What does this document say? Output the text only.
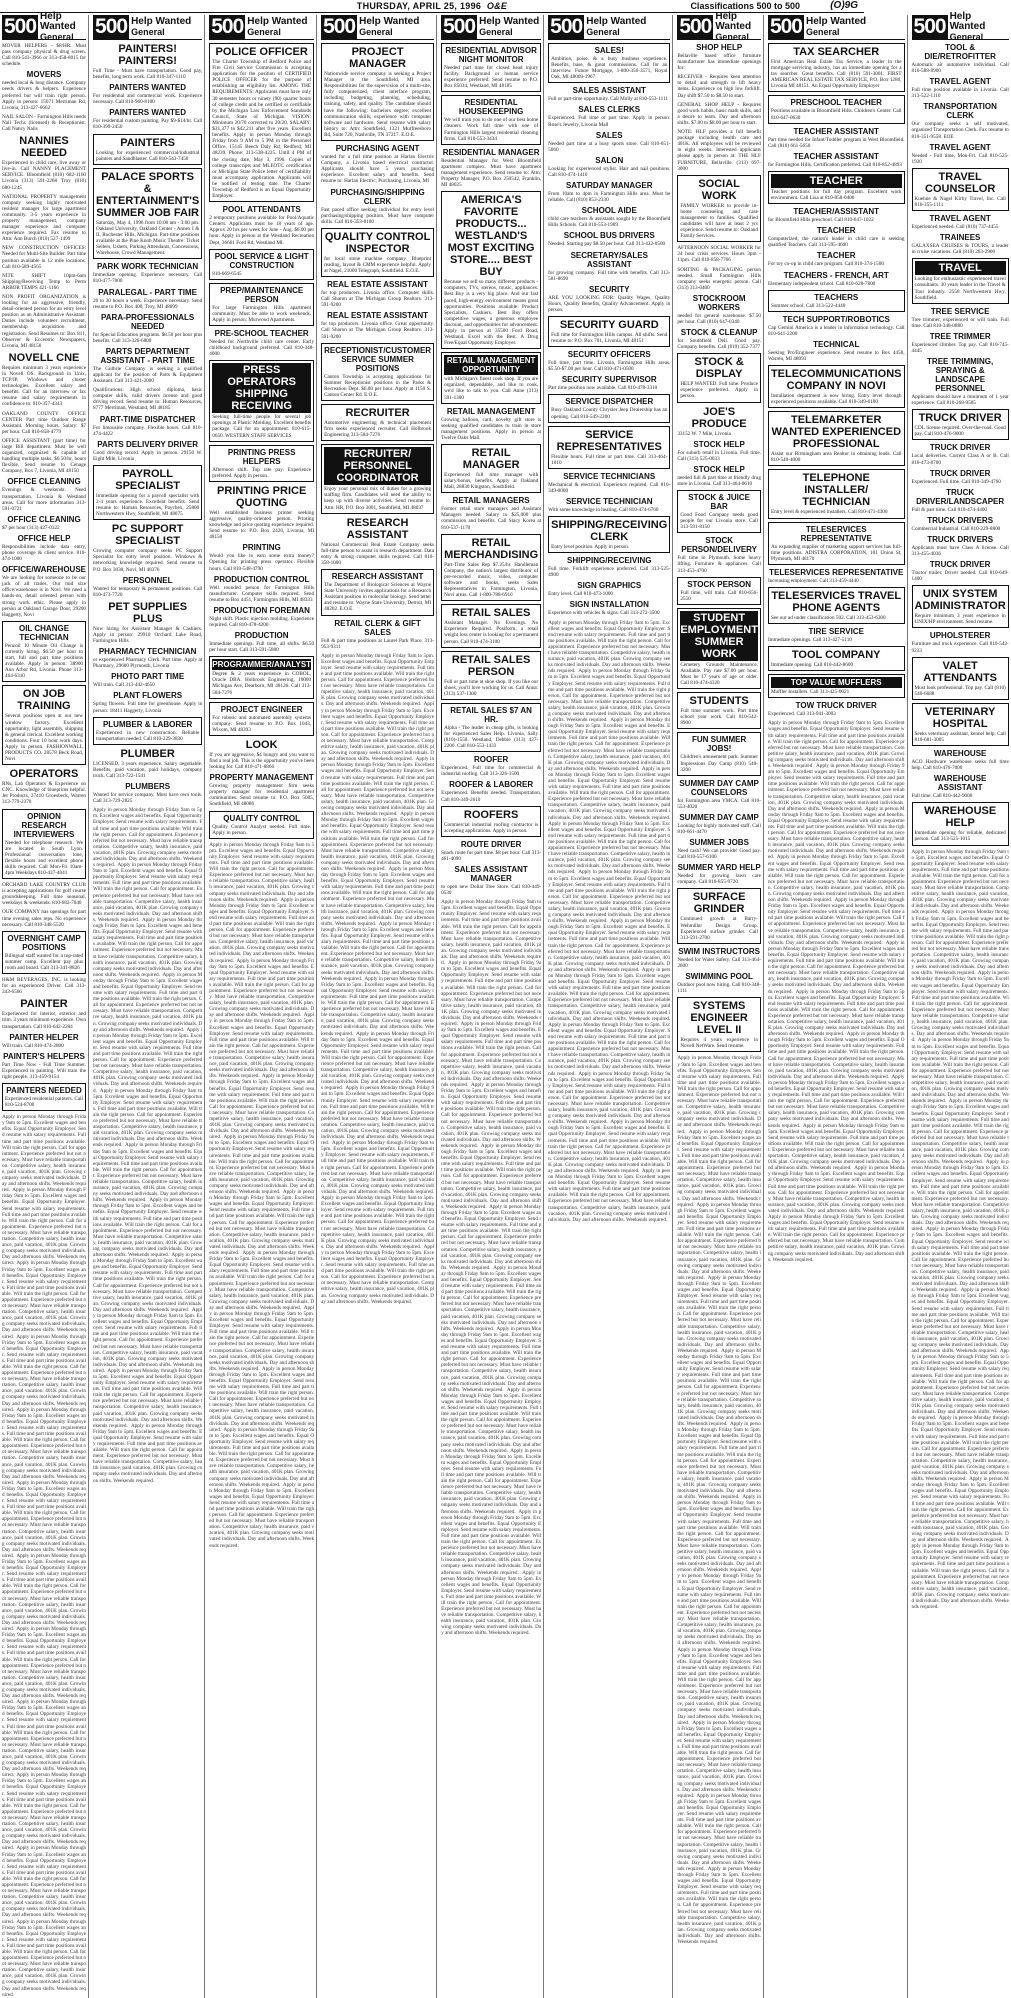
THURSDAY, APRIL 25, 1996 O&E	Classifications 500 to 500	(O)9G
500 Help Wanted
General
MOVER HELPERS - $8/HR. Must pass company physical & drug screen. Call 810-543-3966 or 313-458-8015 for schedule.
MOVERS
needed local & long distance. Company needs drivers & helpers. Experience preferred but will train right person. Apply in person: 15071 Merriman Rd, Livonia, 313-427-6662
NAIL SALON - Farmington Hills needs Nail Techs (licensed) & Receptionist. Call Nancy Nails
NANNIES NEEDED
Experienced in child care, live away or live-in. Call NANNY PLACEMENT SERVICE. Bloomfield (810) 682-1160 Livonia (313) 591-2268 Troy (810) 680-1245
NATIONAL PROPERTY management company seeking highly motivated resident manager for large apartment community. 3-5 years experience in property management, company manager experience and computer experience required. Fax resume to Attn: Ann Burch (810) 527-1499
NEW CONSTRUCTION OFFICES: Needed for Multi-Site Builder. Part time position available in 12 mile locations. Call 810-589-4565
NITE SHIFT 10pm-6am Shipping/Receiving Temp to Perm ARBOR TEMPS 421-1166
NON PROFIT ORGANIZATION is looking for an aggressive, friendly, detail-oriented person for an entry level position as an Administrative Assistant. Duties include volunteer recruitment, membership acquisition and registration. Send Resumes to: Box 811, Observer & Eccentric Newspapers, Livonia, MI 48150
NOVELL CNE
Requires minimum 3 years experience in Novell OS. Background in Unix, TCP/IP, Windows and cluster technologies. Excellent salary and benefits. Call for an interview or fax resume and salary requirements in confidence to: 810-357-4343
OAKLAND COUNTY OFFICE CENTER Part time Outdoor Range Assistant. Morning hours. Salary: $7 per hour. Call 810-858-4779
OFFICE ASSISTANT (part time) for large Bill department. Must be well organized, organized & capable of handling multiple tasks. $6.50/hr, hours flexible. Send resume to Cenage Company, Box 7, Livonia, MI 48150
OFFICE CLEANING
Evenings & weekends. Need transportation. Livonia & Westland areas. Call for more information 313-591-0721
OFFICE CLEANING
$7 per hour (313) 427-0322
OFFICE HELP
Responsibilities include data entry, phone coverage & client service. 810-474-1000
OFFICE/WAREHOUSE
We are looking for someone to be our jack of all trades. Our mid size office/warehouse is in Novi. We need a hands-on, detail oriented person with strong work ethic. Please apply in person at Oakland Garage Door, 29200 Haggerty, Novi
OIL CHANGE TECHNICIAN
Penzoil 10 Minute Oil Change is currently hiring. $6.50 per hour to start, full and part time positions available. Apply in person: 38900 Ann Arbor Rd, Livonia. Phone 313-464-6310
ON JOB TRAINING
Several positions open at our new window factory. Excellent opportunity, light assembly, shipping & general clerical. Excellent working conditions. Four 10 hour work days. Apply in person. FASHIONWALL PRODUCTS CO. 28578 Beck Road, Novi
OPERATORS
RNs, Lab Operators & Experience on CNC. Knowledge of blueprints helpful. Jet Products, 27410 Groesbeck, Warren 313-779-2370
OPINION RESEARCH INTERVIEWERS
Needed for telephone research. We are located in South Lyon. Professional conversation tone, flexible hours and excellent phone skills required. Call Mon-Fri 10am-4pm Weekdays 810-437-4041
ORCHARD LAKE COUNTRY CLUB is accepting applications for golf course groundskeeping. Full time seasonal, weekdays & weekends. 810-682-7040
OUR COMPANY has openings for part time evening sales reps. No experience necessary. Call 810-348-5520
OVERNIGHT CAMP POSITIONS
Bilingual staff wanted for a top-rated summer camp. Excellent pay plus room and board. Call 313-341-8826
H&M BEVERAGES, INC. is looking for an experienced Driver. Call 313-343-6566
PAINTER
Experienced for interior, exterior and trim. 3 years minimum experience. Own transportation. Call 810-642-2284
PAINTER HELPER
Will train. Call 810-474-2800
PAINTER'S HELPERS
Part Time Now - Full Time Summer. Experienced in painting. Will train the right people. 313-459-9154
PAINTERS NEEDED
Experienced residential painters. Call 810-524-8700
Apply in person Monday through Friday 9am to 5pm. Excellent wages and benefits. Equal Opportunity Employer. Send resume with salary requirements. Full time and part time positions available. Will train the right person. Call for appointment. Experience preferred but not necessary. Must have reliable transportation. Competitive salary, health insurance, paid vacation, 401K plan. Growing company seeks motivated individuals. Day and afternoon shifts. Weekends required.  Apply in person Monday through Friday 9am to 5pm. Excellent wages and benefits. Equal Opportunity Employer. Send resume with salary requirements. Full time and part time positions available. Will train the right person. Call for appointment. Experience preferred but not necessary. Must have reliable transportation. Competitive salary, health insurance, paid vacation, 401K plan. Growing company seeks motivated individuals. Day and afternoon shifts. Weekends required.  Apply in person Monday through Friday 9am to 5pm. Excellent wages and benefits. Equal Opportunity Employer. Send resume with salary requirements. Full time and part time positions available. Will train the right person. Call for appointment. Experience preferred but not necessary. Must have reliable transportation. Competitive salary, health insurance, paid vacation, 401K plan. Growing company seeks motivated individuals. Day and afternoon shifts. Weekends required.  Apply in person Monday through Friday 9am to 5pm. Excellent wages and benefits. Equal Opportunity Employer. Send resume with salary requirements. Full time and part time positions available. Will train the right person. Call for appointment. Experience preferred but not necessary. Must have reliable transportation. Competitive salary, health insurance, paid vacation, 401K plan. Growing company seeks motivated individuals. Day and afternoon shifts. Weekends required.  Apply in person Monday through Friday 9am to 5pm. Excellent wages and benefits. Equal Opportunity Employer. Send resume with salary requirements. Full time and part time positions available. Will train the right person. Call for appointment. Experience preferred but not necessary. Must have reliable transportation. Competitive salary, health insurance, paid vacation, 401K plan. Growing company seeks motivated individuals. Day and afternoon shifts. Weekends required.  Apply in person Monday through Friday 9am to 5pm. Excellent wages and benefits. Equal Opportunity Employer. Send resume with salary requirements. Full time and part time positions available. Will train the right person. Call for appointment. Experience preferred but not necessary. Must have reliable transportation. Competitive salary, health insurance, paid vacation, 401K plan. Growing company seeks motivated individuals. Day and afternoon shifts. Weekends required.  Apply in person Monday through Friday 9am to 5pm. Excellent wages and benefits. Equal Opportunity Employer. Send resume with salary requirements. Full time and part time positions available. Will train the right person. Call for appointment. Experience preferred but not necessary. Must have reliable transportation. Competitive salary, health insurance, paid vacation, 401K plan. Growing company seeks motivated individuals. Day and afternoon shifts. Weekends required.  Apply in person Monday through Friday 9am to 5pm. Excellent wages and benefits. Equal Opportunity Employer. Send resume with salary requirements. Full time and part time positions available. Will train the right person. Call for appointment. Experience preferred but not necessary. Must have reliable transportation. Competitive salary, health insurance, paid vacation, 401K plan. Growing company seeks motivated individuals. Day and afternoon shifts. Weekends required.  Apply in person Monday through Friday 9am to 5pm. Excellent wages and benefits. Equal Opportunity Employer. Send resume with salary requirements. Full time and part time positions available. Will train the right person. Call for appointment. Experience preferred but not necessary. Must have reliable transportation. Competitive salary, health insurance, paid vacation, 401K plan. Growing company seeks motivated individuals. Day and afternoon shifts. Weekends required.  Apply in person Monday through Friday 9am to 5pm. Excellent wages and benefits. Equal Opportunity Employer. Send resume with salary requirements. Full time and part time positions available. Will train the right person. Call for appointment. Experience preferred but not necessary. Must have reliable transportation. Competitive salary, health insurance, paid vacation, 401K plan. Growing company seeks motivated individuals. Day and afternoon shifts. Weekends required.  Apply in person Monday through Friday 9am to 5pm. Excellent wages and benefits. Equal Opportunity Employer. Send resume with salary requirements. Full time and part time positions available. Will train the right person. Call for appointment. Experience preferred but not necessary. Must have reliable transportation. Competitive salary, health insurance, paid vacation, 401K plan. Growing company seeks motivated individuals. Day and afternoon shifts. Weekends required.  Apply in person Monday through Friday 9am to 5pm. Excellent wages and benefits. Equal Opportunity Employer. Send resume with salary requirements. Full time and part time positions available. Will train the right person. Call for appointment. Experience preferred but not necessary. Must have reliable transportation. Competitive salary, health insurance, paid vacation, 401K plan. Growing company seeks motivated individuals. Day and afternoon shifts. Weekends required.
500 Help Wanted
General
PAINTERS! PAINTERS!
Full Time - Must have transportation. Good pay, benefits, long term work. Call 810-347-1110
PAINTERS WANTED
For residential and commercial work. Experience necessary. Call 810-960-8100
PAINTERS WANTED
For residential custom painting. Pay $9-$14/hr. Call 810-399-2450
PAINTERS
Looking for experienced commercial/industrial painters and Sandblaster. Call 810-543-7450
PALACE SPORTS & ENTERTAINMENT'S SUMMER JOB FAIR
Saturday, May 4, 1996 from 10:00 am - 3:00 pm. Oakland University, Oakland Center - Annex I & II, Rochester Hills, Michigan. Part-time positions available at the Pine Knob Music Theatre: Ticket Sellers, Ushers, Parking Attendants, Concessions, Warehouse, Crowd Management.
PARK WORK TECHNICIAN
Immediate opening. Experience necessary. Call 810-477-7000
PARALEGAL - PART TIME
20 to 30 hours a week. Experience necessary. Send resume to P.O. Box 400, Troy, MI 48099
PARA-PROFESSIONALS NEEDED
for Special Education programs. $8.50 per hour plus benefits. Call 313-326-6800
PARTS DEPARTMENT ASSISTANT - PART TIME
The Guthrie Company is seeking a qualified applicant for the position of Parts & Equipment Assistant. Call 313-421-2000
Qualifications: High school diploma, basic computer skills, valid drivers license and good driving record. Send resume to: Human Resources, 8777 Merriman, Westland, MI 48185
PART-TIME DISPATCHER
For limousine company. Flexible hours. Call 810-474-4422
PARTS DELIVERY DRIVER
Good driving record. Apply in person. 29150 W. Eight Mile, Livonia
PAYROLL SPECIALIST
Immediate opening for a payroll specialist with 2-4 years experience. Excellent benefits. Send resume to: Human Resources, Paychex, 25800 Northwestern Hwy, Southfield, MI 48075
PC SUPPORT SPECIALIST
Growing computer company seeks PC Support Specialist for entry level position. Windows & networking knowledge required. Send resume to P.O. Box 3030, Novi, MI 48376
PERSONNEL
Wanted for temporary & permanent positions. Call 810-473-7720
PET SUPPLIES PLUS
Now hiring for Assistant Manager & Cashiers. Apply in person: 29910 Orchard Lake Road, Farmington Hills
PHARMACY TECHNICIAN
or experienced Pharmacy Clerk. Part time. Apply at Pharmacy, 29600 Plymouth, Livonia
PHOTO PART TIME
Will train. Call 313-442-4650
PLANT FLOWERS
Spring flowers. Full time for greenhouse. Apply in person: 18411 Haggerty, Livonia
PLUMBER & LABORER
Experienced in new construction. Reliable transportation needed. Call 810-229-3830
PLUMBER
LICENSED. 3 years experience. Salary negotiable. Benefits, paid vacation, paid holidays, company truck. Call 313-722-1541
PLUMBERS
Wanted for service company. Must have own tools. Call 313-729-2825
Apply in person Monday through Friday 9am to 5pm. Excellent wages and benefits. Equal Opportunity Employer. Send resume with salary requirements. Full time and part time positions available. Will train the right person. Call for appointment. Experience preferred but not necessary. Must have reliable transportation. Competitive salary, health insurance, paid vacation, 401K plan. Growing company seeks motivated individuals. Day and afternoon shifts. Weekends required.  Apply in person Monday through Friday 9am to 5pm. Excellent wages and benefits. Equal Opportunity Employer. Send resume with salary requirements. Full time and part time positions available. Will train the right person. Call for appointment. Experience preferred but not necessary. Must have reliable transportation. Competitive salary, health insurance, paid vacation, 401K plan. Growing company seeks motivated individuals. Day and afternoon shifts. Weekends required.  Apply in person Monday through Friday 9am to 5pm. Excellent wages and benefits. Equal Opportunity Employer. Send resume with salary requirements. Full time and part time positions available. Will train the right person. Call for appointment. Experience preferred but not necessary. Must have reliable transportation. Competitive salary, health insurance, paid vacation, 401K plan. Growing company seeks motivated individuals. Day and afternoon shifts. Weekends required.  Apply in person Monday through Friday 9am to 5pm. Excellent wages and benefits. Equal Opportunity Employer. Send resume with salary requirements. Full time and part time positions available. Will train the right person. Call for appointment. Experience preferred but not necessary. Must have reliable transportation. Competitive salary, health insurance, paid vacation, 401K plan. Growing company seeks motivated individuals. Day and afternoon shifts. Weekends required.  Apply in person Monday through Friday 9am to 5pm. Excellent wages and benefits. Equal Opportunity Employer. Send resume with salary requirements. Full time and part time positions available. Will train the right person. Call for appointment. Experience preferred but not necessary. Must have reliable transportation. Competitive salary, health insurance, paid vacation, 401K plan. Growing company seeks motivated individuals. Day and afternoon shifts. Weekends required.  Apply in person Monday through Friday 9am to 5pm. Excellent wages and benefits. Equal Opportunity Employer. Send resume with salary requirements. Full time and part time positions available. Will train the right person. Call for appointment. Experience preferred but not necessary. Must have reliable transportation. Competitive salary, health insurance, paid vacation, 401K plan. Growing company seeks motivated individuals. Day and afternoon shifts. Weekends required.  Apply in person Monday through Friday 9am to 5pm. Excellent wages and benefits. Equal Opportunity Employer. Send resume with salary requirements. Full time and part time positions available. Will train the right person. Call for appointment. Experience preferred but not necessary. Must have reliable transportation. Competitive salary, health insurance, paid vacation, 401K plan. Growing company seeks motivated individuals. Day and afternoon shifts. Weekends required.  Apply in person Monday through Friday 9am to 5pm. Excellent wages and benefits. Equal Opportunity Employer. Send resume with salary requirements. Full time and part time positions available. Will train the right person. Call for appointment. Experience preferred but not necessary. Must have reliable transportation. Competitive salary, health insurance, paid vacation, 401K plan. Growing company seeks motivated individuals. Day and afternoon shifts. Weekends required.  Apply in person Monday through Friday 9am to 5pm. Excellent wages and benefits. Equal Opportunity Employer. Send resume with salary requirements. Full time and part time positions available. Will train the right person. Call for appointment. Experience preferred but not necessary. Must have reliable transportation. Competitive salary, health insurance, paid vacation, 401K plan. Growing company seeks motivated individuals. Day and afternoon shifts. Weekends required.  Apply in person Monday through Friday 9am to 5pm. Excellent wages and benefits. Equal Opportunity Employer. Send resume with salary requirements. Full time and part time positions available. Will train the right person. Call for appointment. Experience preferred but not necessary. Must have reliable transportation. Competitive salary, health insurance, paid vacation, 401K plan. Growing company seeks motivated individuals. Day and afternoon shifts. Weekends required.  Apply in person Monday through Friday 9am to 5pm. Excellent wages and benefits. Equal Opportunity Employer. Send resume with salary requirements. Full time and part time positions available. Will train the right person. Call for appointment. Experience preferred but not necessary. Must have reliable transportation. Competitive salary, health insurance, paid vacation, 401K plan. Growing company seeks motivated individuals. Day and afternoon shifts. Weekends required.  Apply in person Monday through Friday 9am to 5pm. Excellent wages and benefits. Equal Opportunity Employer. Send resume with salary requirements. Full time and part time positions available. Will train the right person. Call for appointment. Experience preferred but not necessary. Must have reliable transportation. Competitive salary, health insurance, paid vacation, 401K plan. Growing company seeks motivated individuals. Day and afternoon shifts. Weekends required.
500 Help Wanted
General
POLICE OFFICER
The Charter Township of Redford Police and Fire Civil Service Commission is accepting applications for the position of CERTIFIED POLICE OFFICER for the purpose of establishing an eligibility list. AMONG THE REQUIREMENTS: Applicants must have only 30 semester hours or ninety (90) quarter hours of college credit and be certified or certifiable by the Michigan Law Enforcement Standards Council, State of Michigan. VISION: Minimum 20/70 corrected to 20/20. SALARY: $31,377 to $42,211 after five years. Excellent benefits. Apply in person Monday through Friday from 9 AM to 5 PM in the Personnel Office, 15145 Beech Daly Rd, Redford, MI 48239. Phone: 313-538-4225. Until 4 PM of the closing date, May 3, 1996. Copies of college transcripts and MLEOTC certification or Michigan State Police letter of certifiability must accompany application. Applicants will be notified of testing date. The Charter Township of Redford is an Equal Opportunity Employer.
POOL ATTENDANTS
2 temporary positions available for Pool/Aquatic Centers. Applicants must be 18 years of age. Approx 20 hrs per week for June - Aug. $6.00 per hour. Apply in person at the Westland Recreation Dept, 36601 Ford Rd, Westland MI.
POOL SERVICE & LIGHT CONSTRUCTION
810-669-6545
PREP/MAINTENANCE PERSON
For large Farmington Hills apartment community. Must be able to work weekends. Apply in person: Murwood Apartments.
PRE-SCHOOL TEACHER
Needed for Northville child care center. Early childhood background preferred. Call 810-348-4000
PRESS OPERATORS SHIPPING RECEIVING
Seeking full-time people for several job openings at Plastic Molding. Excellent benefits package. Call for an appointment. 810-615-0650. WESTERN STAFF SERVICES
PRINTING PRESS HELPERS
Afternoon shift. Top rate pay. Experience preferred. Apply in person.
PRINTING PRICE QUOTING
Well established business printer seeking aggressive, quality-oriented person. Printing knowledge and price quoting experience required. Send resume to: P.O. Box 2420, Livonia, MI 48150
PRINTING
Would you like to earn some extra money? Opening for printing press operator. Flexible hours. Call 810-548-4790
PRODUCTION CONTROL
Well rounded person for Farmington Hills manufacturer. Computer skills required. Send resume to Box 4451, Farmington Hills, MI 48333
PRODUCTION FOREMAN
Night shift. Plastic injection molding. Experience required. Call 810-478-4200
PRODUCTION
Immediate openings. Full time, all shifts. $6.50 per hour start. Call 313-591-5800
PROGRAMMER/ANALYST
Degree & 2 years experience in COBOL, Oracle DBA. Holbrook Engineering, 10000 Michigan Ave, Dearborn, MI 48126. Call 313-584-7276
PROJECT ENGINEER
For robotic and automated assembly systems company. Send resume to P.O. Box 1043, Wixom, MI 48393
LOOK
If you are aggressive, $4 hungry and you want to find a real job. This is the opportunity you've been looking for. Call 810-471-8866
PROPERTY MANAGEMENT
Growing property management firm seeks property manager for residential apartment communities. Send resume to: P.O. Box 5005, Southfield, MI 48086
QUALITY CONTROL
Quality Control Analyst needed. Full time. Apply in person.
Apply in person Monday through Friday 9am to 5pm. Excellent wages and benefits. Equal Opportunity Employer. Send resume with salary requirements. Full time and part time positions available. Will train the right person. Call for appointment. Experience preferred but not necessary. Must have reliable transportation. Competitive salary, health insurance, paid vacation, 401K plan. Growing company seeks motivated individuals. Day and afternoon shifts. Weekends required.  Apply in person Monday through Friday 9am to 5pm. Excellent wages and benefits. Equal Opportunity Employer. Send resume with salary requirements. Full time and part time positions available. Will train the right person. Call for appointment. Experience preferred but not necessary. Must have reliable transportation. Competitive salary, health insurance, paid vacation, 401K plan. Growing company seeks motivated individuals. Day and afternoon shifts. Weekends required.  Apply in person Monday through Friday 9am to 5pm. Excellent wages and benefits. Equal Opportunity Employer. Send resume with salary requirements. Full time and part time positions available. Will train the right person. Call for appointment. Experience preferred but not necessary. Must have reliable transportation. Competitive salary, health insurance, paid vacation, 401K plan. Growing company seeks motivated individuals. Day and afternoon shifts. Weekends required.  Apply in person Monday through Friday 9am to 5pm. Excellent wages and benefits. Equal Opportunity Employer. Send resume with salary requirements. Full time and part time positions available. Will train the right person. Call for appointment. Experience preferred but not necessary. Must have reliable transportation. Competitive salary, health insurance, paid vacation, 401K plan. Growing company seeks motivated individuals. Day and afternoon shifts. Weekends required.  Apply in person Monday through Friday 9am to 5pm. Excellent wages and benefits. Equal Opportunity Employer. Send resume with salary requirements. Full time and part time positions available. Will train the right person. Call for appointment. Experience preferred but not necessary. Must have reliable transportation. Competitive salary, health insurance, paid vacation, 401K plan. Growing company seeks motivated individuals. Day and afternoon shifts. Weekends required.  Apply in person Monday through Friday 9am to 5pm. Excellent wages and benefits. Equal Opportunity Employer. Send resume with salary requirements. Full time and part time positions available. Will train the right person. Call for appointment. Experience preferred but not necessary. Must have reliable transportation. Competitive salary, health insurance, paid vacation, 401K plan. Growing company seeks motivated individuals. Day and afternoon shifts. Weekends required.  Apply in person Monday through Friday 9am to 5pm. Excellent wages and benefits. Equal Opportunity Employer. Send resume with salary requirements. Full time and part time positions available. Will train the right person. Call for appointment. Experience preferred but not necessary. Must have reliable transportation. Competitive salary, health insurance, paid vacation, 401K plan. Growing company seeks motivated individuals. Day and afternoon shifts. Weekends required.  Apply in person Monday through Friday 9am to 5pm. Excellent wages and benefits. Equal Opportunity Employer. Send resume with salary requirements. Full time and part time positions available. Will train the right person. Call for appointment. Experience preferred but not necessary. Must have reliable transportation. Competitive salary, health insurance, paid vacation, 401K plan. Growing company seeks motivated individuals. Day and afternoon shifts. Weekends required.  Apply in person Monday through Friday 9am to 5pm. Excellent wages and benefits. Equal Opportunity Employer. Send resume with salary requirements. Full time and part time positions available. Will train the right person. Call for appointment. Experience preferred but not necessary. Must have reliable transportation. Competitive salary, health insurance, paid vacation, 401K plan. Growing company seeks motivated individuals. Day and afternoon shifts. Weekends required.  Apply in person Monday through Friday 9am to 5pm. Excellent wages and benefits. Equal Opportunity Employer. Send resume with salary requirements. Full time and part time positions available. Will train the right person. Call for appointment. Experience preferred but not necessary. Must have reliable transportation. Competitive salary, health insurance, paid vacation, 401K plan. Growing company seeks motivated individuals. Day and afternoon shifts. Weekends required.  Apply in person Monday through Friday 9am to 5pm. Excellent wages and benefits. Equal Opportunity Employer. Send resume with salary requirements. Full time and part time positions available. Will train the right person. Call for appointment. Experience preferred but not necessary. Must have reliable transportation. Competitive salary, health insurance, paid vacation, 401K plan. Growing company seeks motivated individuals. Day and afternoon shifts. Weekends required.  Apply in person Monday through Friday 9am to 5pm. Excellent wages and benefits. Equal Opportunity Employer. Send resume with salary requirements. Full time and part time positions available. Will train the right person. Call for appointment. Experience preferred but not necessary. Must have reliable transportation. Competitive salary, health insurance, paid vacation, 401K plan. Growing company seeks motivated individuals. Day and afternoon shifts. Weekends required.
500 Help Wanted
General
PROJECT MANAGER
Nationwide service company is seeking a Project Manager in the Southfield, MI area. Responsibilities for the supervision of a multi-site, fully computerized, client interface program, including budgeting, planning, scheduling, training, safety, and quality. The candidate should have the following: bachelors degree; excellent communication skills; experience with computer software and hardware. Send resume with salary history to: Attn: Southfield, 1321 Murfreesboro Rd, Suite 720, Nashville, TN 37217. E.O.E.
PURCHASING AGENT
wanted for a full time position at Harlan Electric Company, a Livonia based electrical contractor. Applicants should have 5 years purchasing experience. Excellent salary and benefits. Send resume to: Harlan Electric, Purchasing, Livonia, MI
PURCHASING/SHIPPING CLERK
Fast paced office seeking individual for entry level purchasing/shipping position. Must have computer skills. Call 810-353-8100
QUALITY CONTROL INSPECTOR
for local stone machine company. Blueprint reading, layout & CMM experience helpful. Apply at Nagel, 21000 Telegraph, Southfield. E.O.E.
REAL ESTATE ASSISTANT
for top producers. Livonia office. Computer skills. Call Sharon at The Michigan Group Realtors. 313-591-9200
REAL ESTATE ASSISTANT
for top producers. Livonia office. Great opportunity. Call Sharon at The Michigan Group Realtors. 313-591-9200
RECEPTIONIST/CUSTOMER SERVICE SUMMER POSITIONS
Canton Township is accepting applications for Summer Receptionist positions in the Parks & Recreation Dept. $6.00 per hour. Apply at 1150 S. Canton Center Rd. E.O.E.
RECRUITER
Automotive engineering & technical placement firm seeks experienced recruiter. Call Holbrook Engineering 313-584-7276
RECRUITER/ PERSONNEL COORDINATOR
Enjoy your personal mix of duties for a growing staffing firm. Candidates will need the ability to keep up with diverse activities. Send resume to: Attn: HR, P.O. Box 3001, Southfield, MI 48037
RESEARCH ASSISTANT
National Commercial Real Estate Company seeks full-time person to assist in research department. Data entry & strong computer skills required. Call 810-358-1000
RESEARCH ASSISTANT
The Department of Biological Sciences at Wayne State University invites applications for a Research Assistant position in molecular biology. Send letter and resume to: Wayne State University, Detroit, MI 48202. E.O.E.
RETAIL CLERK & GIFT SALES
Full & part time positions at Laurel Park Place. 313-953-9311
Apply in person Monday through Friday 9am to 5pm. Excellent wages and benefits. Equal Opportunity Employer. Send resume with salary requirements. Full time and part time positions available. Will train the right person. Call for appointment. Experience preferred but not necessary. Must have reliable transportation. Competitive salary, health insurance, paid vacation, 401K plan. Growing company seeks motivated individuals. Day and afternoon shifts. Weekends required.  Apply in person Monday through Friday 9am to 5pm. Excellent wages and benefits. Equal Opportunity Employer. Send resume with salary requirements. Full time and part time positions available. Will train the right person. Call for appointment. Experience preferred but not necessary. Must have reliable transportation. Competitive salary, health insurance, paid vacation, 401K plan. Growing company seeks motivated individuals. Day and afternoon shifts. Weekends required.  Apply in person Monday through Friday 9am to 5pm. Excellent wages and benefits. Equal Opportunity Employer. Send resume with salary requirements. Full time and part time positions available. Will train the right person. Call for appointment. Experience preferred but not necessary. Must have reliable transportation. Competitive salary, health insurance, paid vacation, 401K plan. Growing company seeks motivated individuals. Day and afternoon shifts. Weekends required.  Apply in person Monday through Friday 9am to 5pm. Excellent wages and benefits. Equal Opportunity Employer. Send resume with salary requirements. Full time and part time positions available. Will train the right person. Call for appointment. Experience preferred but not necessary. Must have reliable transportation. Competitive salary, health insurance, paid vacation, 401K plan. Growing company seeks motivated individuals. Day and afternoon shifts. Weekends required.  Apply in person Monday through Friday 9am to 5pm. Excellent wages and benefits. Equal Opportunity Employer. Send resume with salary requirements. Full time and part time positions available. Will train the right person. Call for appointment. Experience preferred but not necessary. Must have reliable transportation. Competitive salary, health insurance, paid vacation, 401K plan. Growing company seeks motivated individuals. Day and afternoon shifts. Weekends required.  Apply in person Monday through Friday 9am to 5pm. Excellent wages and benefits. Equal Opportunity Employer. Send resume with salary requirements. Full time and part time positions available. Will train the right person. Call for appointment. Experience preferred but not necessary. Must have reliable transportation. Competitive salary, health insurance, paid vacation, 401K plan. Growing company seeks motivated individuals. Day and afternoon shifts. Weekends required.  Apply in person Monday through Friday 9am to 5pm. Excellent wages and benefits. Equal Opportunity Employer. Send resume with salary requirements. Full time and part time positions available. Will train the right person. Call for appointment. Experience preferred but not necessary. Must have reliable transportation. Competitive salary, health insurance, paid vacation, 401K plan. Growing company seeks motivated individuals. Day and afternoon shifts. Weekends required.  Apply in person Monday through Friday 9am to 5pm. Excellent wages and benefits. Equal Opportunity Employer. Send resume with salary requirements. Full time and part time positions available. Will train the right person. Call for appointment. Experience preferred but not necessary. Must have reliable transportation. Competitive salary, health insurance, paid vacation, 401K plan. Growing company seeks motivated individuals. Day and afternoon shifts. Weekends required.  Apply in person Monday through Friday 9am to 5pm. Excellent wages and benefits. Equal Opportunity Employer. Send resume with salary requirements. Full time and part time positions available. Will train the right person. Call for appointment. Experience preferred but not necessary. Must have reliable transportation. Competitive salary, health insurance, paid vacation, 401K plan. Growing company seeks motivated individuals. Day and afternoon shifts. Weekends required.  Apply in person Monday through Friday 9am to 5pm. Excellent wages and benefits. Equal Opportunity Employer. Send resume with salary requirements. Full time and part time positions available. Will train the right person. Call for appointment. Experience preferred but not necessary. Must have reliable transportation. Competitive salary, health insurance, paid vacation, 401K plan. Growing company seeks motivated individuals. Day and afternoon shifts. Weekends required.  Apply in person Monday through Friday 9am to 5pm. Excellent wages and benefits. Equal Opportunity Employer. Send resume with salary requirements. Full time and part time positions available. Will train the right person. Call for appointment. Experience preferred but not necessary. Must have reliable transportation. Competitive salary, health insurance, paid vacation, 401K plan. Growing company seeks motivated individuals. Day and afternoon shifts. Weekends required.  Apply in person Monday through Friday 9am to 5pm. Excellent wages and benefits. Equal Opportunity Employer. Send resume with salary requirements. Full time and part time positions available. Will train the right person. Call for appointment. Experience preferred but not necessary. Must have reliable transportation. Competitive salary, health insurance, paid vacation, 401K plan. Growing company seeks motivated individuals. Day and afternoon shifts. Weekends required.
500 Help Wanted
General
RESIDENTIAL ADVISOR NIGHT MONITOR
Needed part time for closed head injury facility. Background or human service experience preferred. Send resume to P.O. Box 85034, Westland, MI 48185
RESIDENTIAL HOUSEKEEPING
We will train you to do one of our best home cleaners. Work full time with one of Farmington Hills largest residential cleaning firms. Call 810-553-3434
RESIDENTIAL MANAGER
Residential Manager for West Bloomfield apartment complex. Must have apartment management experience. Send resume to: Attn: Property Manager, P.O. Box 250542, Franklin, MI 48025
AMERICA'S FAVORITE PRODUCTS... WESTLAND'S MOST EXCITING STORE.... BEST BUY
Because we sell so many different products - computers, TVs, stereos, music, appliances. Best Buy is a very big place. And our fast paced, high-energy environment means great opportunities. Positions available: Product Specialists, Cashiers. Best Buy offers competitive wages, a generous employee discount, and opportunities for advancement. Apply in person at 35500 Ford Road, Westland. Excel with the Best. A Drug Free/Equal Opportunity Employer.
RETAIL MANAGEMENT OPPORTUNITY
with Michigan's finest cook shop. If you are organized, dependable, and like to cook, we'd like to talk to you. Call Anne (313) 591-1300
RETAIL MANAGEMENT
Growing balloon, card, novelty gift store is seeking qualified candidates to train in store management positions. Apply in person at Twelve Oaks Mall.
RETAIL MANAGER
Experienced full time manager with salary/bonus, benefits. Apply at Oakland Mall, 28830 Kingston, Southfield.
RETAIL MANAGERS
Former retail store managers and Assistant Managers needed. Salary to $25,000 plus commission and benefits. Call Stacy Korea at 810-537-1170
RETAIL MERCHANDISING
Part-Time Sales Rep $7.25/hr. Handleman Company, the nation's largest distributor of pre-recorded music, video, computer software and books, seeks Sales Representatives in Farmington, Livonia, Novi areas. Call 1-800-788-6910
RETAIL SALES
Assistant Manager. No Evenings. No Experience Required. Posiform, a retail weight loss center is looking for a permanent person. Call 810-474-3100
RETAIL SALES PERSON
Full or part time at shoe shop. If you like our shoes, you'll love working for us. Call Anna: (313) 537-1300
RETAIL SALES $7 AN HR.
Alpha - The leader in cheap gifts, is looking for experienced Sales Help. Livonia, Sally (810)-1550. Westland, Debbie (313) 427-2200. Call 810-553-1433
ROOFER
Experienced. Full time for commercial & industrial roofing. Call 313-326-1500
ROOFER & LABORER
Experienced. Benefits needed. Transportation. Call 810-349-2610
ROOFERS
Commercial industrial roofing contractor is accepting applications. Apply in person.
ROUTE DRIVER
Snack route for part time. $8 per hour. Call 313-461-4090
SALES ASSISTANT MANAGER
to open new Dollar Tree Store. Call 810-449-0530
Apply in person Monday through Friday 9am to 5pm. Excellent wages and benefits. Equal Opportunity Employer. Send resume with salary requirements. Full time and part time positions available. Will train the right person. Call for appointment. Experience preferred but not necessary. Must have reliable transportation. Competitive salary, health insurance, paid vacation, 401K plan. Growing company seeks motivated individuals. Day and afternoon shifts. Weekends required.  Apply in person Monday through Friday 9am to 5pm. Excellent wages and benefits. Equal Opportunity Employer. Send resume with salary requirements. Full time and part time positions available. Will train the right person. Call for appointment. Experience preferred but not necessary. Must have reliable transportation. Competitive salary, health insurance, paid vacation, 401K plan. Growing company seeks motivated individuals. Day and afternoon shifts. Weekends required.  Apply in person Monday through Friday 9am to 5pm. Excellent wages and benefits. Equal Opportunity Employer. Send resume with salary requirements. Full time and part time positions available. Will train the right person. Call for appointment. Experience preferred but not necessary. Must have reliable transportation. Competitive salary, health insurance, paid vacation, 401K plan. Growing company seeks motivated individuals. Day and afternoon shifts. Weekends required.  Apply in person Monday through Friday 9am to 5pm. Excellent wages and benefits. Equal Opportunity Employer. Send resume with salary requirements. Full time and part time positions available. Will train the right person. Call for appointment. Experience preferred but not necessary. Must have reliable transportation. Competitive salary, health insurance, paid vacation, 401K plan. Growing company seeks motivated individuals. Day and afternoon shifts. Weekends required.  Apply in person Monday through Friday 9am to 5pm. Excellent wages and benefits. Equal Opportunity Employer. Send resume with salary requirements. Full time and part time positions available. Will train the right person. Call for appointment. Experience preferred but not necessary. Must have reliable transportation. Competitive salary, health insurance, paid vacation, 401K plan. Growing company seeks motivated individuals. Day and afternoon shifts. Weekends required.  Apply in person Monday through Friday 9am to 5pm. Excellent wages and benefits. Equal Opportunity Employer. Send resume with salary requirements. Full time and part time positions available. Will train the right person. Call for appointment. Experience preferred but not necessary. Must have reliable transportation. Competitive salary, health insurance, paid vacation, 401K plan. Growing company seeks motivated individuals. Day and afternoon shifts. Weekends required.  Apply in person Monday through Friday 9am to 5pm. Excellent wages and benefits. Equal Opportunity Employer. Send resume with salary requirements. Full time and part time positions available. Will train the right person. Call for appointment. Experience preferred but not necessary. Must have reliable transportation. Competitive salary, health insurance, paid vacation, 401K plan. Growing company seeks motivated individuals. Day and afternoon shifts. Weekends required.  Apply in person Monday through Friday 9am to 5pm. Excellent wages and benefits. Equal Opportunity Employer. Send resume with salary requirements. Full time and part time positions available. Will train the right person. Call for appointment. Experience preferred but not necessary. Must have reliable transportation. Competitive salary, health insurance, paid vacation, 401K plan. Growing company seeks motivated individuals. Day and afternoon shifts. Weekends required.  Apply in person Monday through Friday 9am to 5pm. Excellent wages and benefits. Equal Opportunity Employer. Send resume with salary requirements. Full time and part time positions available. Will train the right person. Call for appointment. Experience preferred but not necessary. Must have reliable transportation. Competitive salary, health insurance, paid vacation, 401K plan. Growing company seeks motivated individuals. Day and afternoon shifts. Weekends required.  Apply in person Monday through Friday 9am to 5pm. Excellent wages and benefits. Equal Opportunity Employer. Send resume with salary requirements. Full time and part time positions available. Will train the right person. Call for appointment. Experience preferred but not necessary. Must have reliable transportation. Competitive salary, health insurance, paid vacation, 401K plan. Growing company seeks motivated individuals. Day and afternoon shifts. Weekends required.  Apply in person Monday through Friday 9am to 5pm. Excellent wages and benefits. Equal Opportunity Employer. Send resume with salary requirements. Full time and part time positions available. Will train the right person. Call for appointment. Experience preferred but not necessary. Must have reliable transportation. Competitive salary, health insurance, paid vacation, 401K plan. Growing company seeks motivated individuals. Day and afternoon shifts. Weekends required.  Apply in person Monday through Friday 9am to 5pm. Excellent wages and benefits. Equal Opportunity Employer. Send resume with salary requirements. Full time and part time positions available. Will train the right person. Call for appointment. Experience preferred but not necessary. Must have reliable transportation. Competitive salary, health insurance, paid vacation, 401K plan. Growing company seeks motivated individuals. Day and afternoon shifts. Weekends required.
500 Help Wanted
General
SALES!
Ambition, poise. & a busy business experience. Benefits, base, & great commissions. Call for an interview. Future Mortgage, 1-800-356-3571, Royal Oak, MI 48069-1967
SALES ASSISTANT
Full or part-time opportunity. Call Molly at 810-553-1111
SALES CLERKS
Experienced. Full time or part time. Apply in person: Rose's Jewelry, Livonia Mall
SALES
Needed part time at a busy sports store. Call 810-651-5060
SALON
Looking for experienced stylist. Hair and nail positions. Call 810-474-1410
SATURDAY MANAGER
From 10am to 4pm in Farmington Hills area. Must be reliable. Call (810) 853-2330
SCHOOL AIDE
child care teachers & assistants sought by the Bloomfield Hills Schools. Call 810-553-1909
SCHOOL BUS DRIVERS
Needed. Starting pay $8.50 per hour. Call 313-422-0500
SECRETARY/SALES ASSISTANT
for growing company. Full time with benefits. Call 313-581-8690
SECURITY
ARE YOU LOOKING FOR: Quality Wages, Quality Hours, Quality Benefits, Quality Advancement. Apply in person.
SECURITY GUARD
Full time for Farmington Hills campus. All shifts. Send resume to: P.O. Box 701, Livonia, MI 48151
SECURITY OFFICERS
Full time, part time. Livonia, Farmington Hills areas. $5.50-$7.00 per hour. Call 810-471-0500
SECURITY SUPERVISOR
Part time position now available. Call 810-478-3310
SERVICE DISPATCHER
Busy Oakland County Chrysler Jeep Dealership has an opening. Call 810-549-2200
SERVICE REPRESENTATIVES
Flexible hours. Full time or part time. Call 313-464-1010
SERVICE TECHNICIANS
Mechanical & electrical. Experience required. Call 810-349-0000
SERVICE TECHNICIAN
With some knowledge in heating. Call 810-474-6760
SHIPPING/RECEIVING CLERK
Entry level position. Apply in person.
SHIPPING/RECEIVING
Full time. Forklift experience preferred. Call 313-525-4900
SIGN GRAPHICS
Entry level. Call 810-473-1000
SIGN INSTALLATION
Experience with vehicles & signs. Call 313-272-3500
Apply in person Monday through Friday 9am to 5pm. Excellent wages and benefits. Equal Opportunity Employer. Send resume with salary requirements. Full time and part time positions available. Will train the right person. Call for appointment. Experience preferred but not necessary. Must have reliable transportation. Competitive salary, health insurance, paid vacation, 401K plan. Growing company seeks motivated individuals. Day and afternoon shifts. Weekends required.  Apply in person Monday through Friday 9am to 5pm. Excellent wages and benefits. Equal Opportunity Employer. Send resume with salary requirements. Full time and part time positions available. Will train the right person. Call for appointment. Experience preferred but not necessary. Must have reliable transportation. Competitive salary, health insurance, paid vacation, 401K plan. Growing company seeks motivated individuals. Day and afternoon shifts. Weekends required.  Apply in person Monday through Friday 9am to 5pm. Excellent wages and benefits. Equal Opportunity Employer. Send resume with salary requirements. Full time and part time positions available. Will train the right person. Call for appointment. Experience preferred but not necessary. Must have reliable transportation. Competitive salary, health insurance, paid vacation, 401K plan. Growing company seeks motivated individuals. Day and afternoon shifts. Weekends required.  Apply in person Monday through Friday 9am to 5pm. Excellent wages and benefits. Equal Opportunity Employer. Send resume with salary requirements. Full time and part time positions available. Will train the right person. Call for appointment. Experience preferred but not necessary. Must have reliable transportation. Competitive salary, health insurance, paid vacation, 401K plan. Growing company seeks motivated individuals. Day and afternoon shifts. Weekends required.  Apply in person Monday through Friday 9am to 5pm. Excellent wages and benefits. Equal Opportunity Employer. Send resume with salary requirements. Full time and part time positions available. Will train the right person. Call for appointment. Experience preferred but not necessary. Must have reliable transportation. Competitive salary, health insurance, paid vacation, 401K plan. Growing company seeks motivated individuals. Day and afternoon shifts. Weekends required.  Apply in person Monday through Friday 9am to 5pm. Excellent wages and benefits. Equal Opportunity Employer. Send resume with salary requirements. Full time and part time positions available. Will train the right person. Call for appointment. Experience preferred but not necessary. Must have reliable transportation. Competitive salary, health insurance, paid vacation, 401K plan. Growing company seeks motivated individuals. Day and afternoon shifts. Weekends required.  Apply in person Monday through Friday 9am to 5pm. Excellent wages and benefits. Equal Opportunity Employer. Send resume with salary requirements. Full time and part time positions available. Will train the right person. Call for appointment. Experience preferred but not necessary. Must have reliable transportation. Competitive salary, health insurance, paid vacation, 401K plan. Growing company seeks motivated individuals. Day and afternoon shifts. Weekends required.  Apply in person Monday through Friday 9am to 5pm. Excellent wages and benefits. Equal Opportunity Employer. Send resume with salary requirements. Full time and part time positions available. Will train the right person. Call for appointment. Experience preferred but not necessary. Must have reliable transportation. Competitive salary, health insurance, paid vacation, 401K plan. Growing company seeks motivated individuals. Day and afternoon shifts. Weekends required.  Apply in person Monday through Friday 9am to 5pm. Excellent wages and benefits. Equal Opportunity Employer. Send resume with salary requirements. Full time and part time positions available. Will train the right person. Call for appointment. Experience preferred but not necessary. Must have reliable transportation. Competitive salary, health insurance, paid vacation, 401K plan. Growing company seeks motivated individuals. Day and afternoon shifts. Weekends required.  Apply in person Monday through Friday 9am to 5pm. Excellent wages and benefits. Equal Opportunity Employer. Send resume with salary requirements. Full time and part time positions available. Will train the right person. Call for appointment. Experience preferred but not necessary. Must have reliable transportation. Competitive salary, health insurance, paid vacation, 401K plan. Growing company seeks motivated individuals. Day and afternoon shifts. Weekends required.  Apply in person Monday through Friday 9am to 5pm. Excellent wages and benefits. Equal Opportunity Employer. Send resume with salary requirements. Full time and part time positions available. Will train the right person. Call for appointment. Experience preferred but not necessary. Must have reliable transportation. Competitive salary, health insurance, paid vacation, 401K plan. Growing company seeks motivated individuals. Day and afternoon shifts. Weekends required.  Apply in person Monday through Friday 9am to 5pm. Excellent wages and benefits. Equal Opportunity Employer. Send resume with salary requirements. Full time and part time positions available. Will train the right person. Call for appointment. Experience preferred but not necessary. Must have reliable transportation. Competitive salary, health insurance, paid vacation, 401K plan. Growing company seeks motivated individuals. Day and afternoon shifts. Weekends required.
500 Help Wanted
General
SHOP HELP
Bellaville based office furniture manufacturer has immediate openings for:
RECEIVER - Requires keen attention to detail and strength to lift heavy items. Experience on high low forklift. Day shift $7.50 to $8.50 to start.
GENERAL SHOP HELP - Requires good work habits, basic math skills, and a desire to learn. Day and afternoon shifts. $7.00 to $8.00 per hour to start.
NOTE: HLF provides a full benefit package including health care and 401K. All employees will be reviewed in eight weeks. Interested applicants please apply in person at: THE HLF FURNITURE, Bellaville. (313) 697-3000
SOCIAL WORK
FAMILY WORKER to provide in-home counseling and case management to families. Qualified candidates will have at least 2 yrs experience. Send resume to: Oakland Family Services.
AFTERNOON SOCIAL WORKER for 24 hour crisis services. Hours 3pm - 11pm. Call 810-858-7766
SORTING & PACKAGING person needed. Small Farmington Hills company seeks energetic person. Call (313) 313-0400
STOCKROOM WORKERS
needed for general warehouse. $7.50 per hour. Call (810) 647-0340
STOCK & CLEANUP
for Southfield Deli. Good pay. Company benefits. Call (810) 352-7377
STOCK & DISPLAY
HELP WANTED. Full time. Produce experience preferred. Apply in person.
JOE'S PRODUCE
33152 W. 7 Mile, Livonia
STOCK HELP
For suburb retail in Livonia. Full time. Call (313) 525-0033
STOCK HELP
needed full & part time at friendly drug store in Livonia. Call 313-464-0610
STOCK & JUICE BAR
Good Food Company needs good people for our Livonia store. Call 313-591-8150
STOCK PERSON/DELIVERY
Full time in Plymouth. Some heavy lifting. Furniture & appliances. Call 313-453-4700
STOCK PERSON
Full time, will train. Call 810-656-2550
STUDENT EMPLOYMENT SUMMER WORK
Cemetery Grounds Maintenance. Available. Pay rate $7.00 per hour. Must be 17 years of age or older. Call 810-474-4320
STUDENTS
Full time summer work. Part time school year work. Call 810-542-8900
FUN SUMMER JOBS!
Children's amusement park. Summer Impressions Day Camp (810) 540-3200
SUMMER DAY CAMP COUNSELORS
for Farmington area YMCA. Call 810-553-4020
SUMMER DAY CAMP
Looking for highly motivated staff. Call 810-661-4470
SUMMER JOBS
Need cash? We can provide! Good pay. Call 810-557-6100
SUMMER YARD HELP
Needed for growing lawn care company. Call 810-855-9720
SURFACE GRINDER
Continued growth at Barry-Wehmiller Design Group. Experienced surface grinder. Call 313-591-2700
SWIM INSTRUCTORS
Needed for Water Safety. Call 313-464-2600
SWIMMING POOL
Outdoor pool now hiring. Call 810-348-1111
SYSTEMS ENGINEER LEVEL II
Requires 4 years experience in Novell NetWare. Send resume.
Apply in person Monday through Friday 9am to 5pm. Excellent wages and benefits. Equal Opportunity Employer. Send resume with salary requirements. Full time and part time positions available. Will train the right person. Call for appointment. Experience preferred but not necessary. Must have reliable transportation. Competitive salary, health insurance, paid vacation, 401K plan. Growing company seeks motivated individuals. Day and afternoon shifts. Weekends required.  Apply in person Monday through Friday 9am to 5pm. Excellent wages and benefits. Equal Opportunity Employer. Send resume with salary requirements. Full time and part time positions available. Will train the right person. Call for appointment. Experience preferred but not necessary. Must have reliable transportation. Competitive salary, health insurance, paid vacation, 401K plan. Growing company seeks motivated individuals. Day and afternoon shifts. Weekends required.  Apply in person Monday through Friday 9am to 5pm. Excellent wages and benefits. Equal Opportunity Employer. Send resume with salary requirements. Full time and part time positions available. Will train the right person. Call for appointment. Experience preferred but not necessary. Must have reliable transportation. Competitive salary, health insurance, paid vacation, 401K plan. Growing company seeks motivated individuals. Day and afternoon shifts. Weekends required.  Apply in person Monday through Friday 9am to 5pm. Excellent wages and benefits. Equal Opportunity Employer. Send resume with salary requirements. Full time and part time positions available. Will train the right person. Call for appointment. Experience preferred but not necessary. Must have reliable transportation. Competitive salary, health insurance, paid vacation, 401K plan. Growing company seeks motivated individuals. Day and afternoon shifts. Weekends required.  Apply in person Monday through Friday 9am to 5pm. Excellent wages and benefits. Equal Opportunity Employer. Send resume with salary requirements. Full time and part time positions available. Will train the right person. Call for appointment. Experience preferred but not necessary. Must have reliable transportation. Competitive salary, health insurance, paid vacation, 401K plan. Growing company seeks motivated individuals. Day and afternoon shifts. Weekends required.  Apply in person Monday through Friday 9am to 5pm. Excellent wages and benefits. Equal Opportunity Employer. Send resume with salary requirements. Full time and part time positions available. Will train the right person. Call for appointment. Experience preferred but not necessary. Must have reliable transportation. Competitive salary, health insurance, paid vacation, 401K plan. Growing company seeks motivated individuals. Day and afternoon shifts. Weekends required.  Apply in person Monday through Friday 9am to 5pm. Excellent wages and benefits. Equal Opportunity Employer. Send resume with salary requirements. Full time and part time positions available. Will train the right person. Call for appointment. Experience preferred but not necessary. Must have reliable transportation. Competitive salary, health insurance, paid vacation, 401K plan. Growing company seeks motivated individuals. Day and afternoon shifts. Weekends required.  Apply in person Monday through Friday 9am to 5pm. Excellent wages and benefits. Equal Opportunity Employer. Send resume with salary requirements. Full time and part time positions available. Will train the right person. Call for appointment. Experience preferred but not necessary. Must have reliable transportation. Competitive salary, health insurance, paid vacation, 401K plan. Growing company seeks motivated individuals. Day and afternoon shifts. Weekends required.  Apply in person Monday through Friday 9am to 5pm. Excellent wages and benefits. Equal Opportunity Employer. Send resume with salary requirements. Full time and part time positions available. Will train the right person. Call for appointment. Experience preferred but not necessary. Must have reliable transportation. Competitive salary, health insurance, paid vacation, 401K plan. Growing company seeks motivated individuals. Day and afternoon shifts. Weekends required.  Apply in person Monday through Friday 9am to 5pm. Excellent wages and benefits. Equal Opportunity Employer. Send resume with salary requirements. Full time and part time positions available. Will train the right person. Call for appointment. Experience preferred but not necessary. Must have reliable transportation. Competitive salary, health insurance, paid vacation, 401K plan. Growing company seeks motivated individuals. Day and afternoon shifts. Weekends required.  Apply in person Monday through Friday 9am to 5pm. Excellent wages and benefits. Equal Opportunity Employer. Send resume with salary requirements. Full time and part time positions available. Will train the right person. Call for appointment. Experience preferred but not necessary. Must have reliable transportation. Competitive salary, health insurance, paid vacation, 401K plan. Growing company seeks motivated individuals. Day and afternoon shifts. Weekends required.  Apply in person Monday through Friday 9am to 5pm. Excellent wages and benefits. Equal Opportunity Employer. Send resume with salary requirements. Full time and part time positions available. Will train the right person. Call for appointment. Experience preferred but not necessary. Must have reliable transportation. Competitive salary, health insurance, paid vacation, 401K plan. Growing company seeks motivated individuals. Day and afternoon shifts. Weekends required.
500 Help Wanted
General
TAX SEARCHER
First American Real Estate Tax Service, a leader in the mortgage servicing industry, has an immediate opening for a tax searcher. Great benefits. Call (810) 591-3001. FIRST AMERICAN REAL ESTATE TAX SERVICE, P.O. Box 1280, Livonia MI 48151. An Equal Opportunity Employer
PRESCHOOL TEACHER
Positions available in Bloomfield Hills. Children's Center. Call 810-647-0630
TEACHER ASSISTANT
Part time needed for Infant/Toddler program in West Bloomfield. Call (810) 661-5650
TEACHER ASSISTANT
for Farmington Hills. Certification preferred. Call 810-852-4893
TEACHER
Teacher positions for full day program. Excellent work environment. Call Lisa at 810-858-0400
TEACHER/ASSISTANT
for Bloomfield Hills preschool. Call 810-647-1022
TEACHER
Computerized, the nation's leader in child care is seeking qualified Teachers. Call 313-595-4600
TEACHER
For toy co-op in child care program. Call 810-374-1500
TEACHERS - FRENCH, ART
Elementary independent school. Call 810-628-7800
TEACHERS
Summer school. Call 313-522-4440
TECH SUPPORT/ROBOTICS
Cap Gemini America is a leader in information technology. Call 810-641-2200
TECHNICAL
Seeking Pro/Engineer experience. Send resume to Box 4458, Warren, MI 48093
TELECOMMUNICATIONS COMPANY IN NOVI
Installation department is now hiring. Entry level through experienced positions available. Call 810-349-6100
TELEMARKETER WANTED EXPERIENCED PROFESSIONAL
Assist our Birmingham area Realtor in obtaining leads. Call 810-540-4000
TELEPHONE INSTALLER/ TECHNICIAN
Entry level & experienced installers. Call 810-471-4300
TELESERVICES REPRESENTATIVE
An expanding supplier of marketing support services has full-time positions. ADISTRA CORPORATION, 101 Union St, Plymouth, MI 48170
TELESERVICES REPRESENTATIVE
Increasing employment. Call 313-459-4440
TELESERVICES TRAVEL PHONE AGENTS
See our ad under classification 502. Call 313-453-6300
TIRE SERVICE
Immediate openings. Call 313-427-5110
TOOL COMPANY
Immediate opening. Call 810-442-8600
TOP VALUE MUFFLERS
Muffler Installers. Call 313-425-0021
TOW TRUCK DRIVER
Experienced. Call 313-941-3003
Apply in person Monday through Friday 9am to 5pm. Excellent wages and benefits. Equal Opportunity Employer. Send resume with salary requirements. Full time and part time positions available. Will train the right person. Call for appointment. Experience preferred but not necessary. Must have reliable transportation. Competitive salary, health insurance, paid vacation, 401K plan. Growing company seeks motivated individuals. Day and afternoon shifts. Weekends required.  Apply in person Monday through Friday 9am to 5pm. Excellent wages and benefits. Equal Opportunity Employer. Send resume with salary requirements. Full time and part time positions available. Will train the right person. Call for appointment. Experience preferred but not necessary. Must have reliable transportation. Competitive salary, health insurance, paid vacation, 401K plan. Growing company seeks motivated individuals. Day and afternoon shifts. Weekends required.  Apply in person Monday through Friday 9am to 5pm. Excellent wages and benefits. Equal Opportunity Employer. Send resume with salary requirements. Full time and part time positions available. Will train the right person. Call for appointment. Experience preferred but not necessary. Must have reliable transportation. Competitive salary, health insurance, paid vacation, 401K plan. Growing company seeks motivated individuals. Day and afternoon shifts. Weekends required.  Apply in person Monday through Friday 9am to 5pm. Excellent wages and benefits. Equal Opportunity Employer. Send resume with salary requirements. Full time and part time positions available. Will train the right person. Call for appointment. Experience preferred but not necessary. Must have reliable transportation. Competitive salary, health insurance, paid vacation, 401K plan. Growing company seeks motivated individuals. Day and afternoon shifts. Weekends required.  Apply in person Monday through Friday 9am to 5pm. Excellent wages and benefits. Equal Opportunity Employer. Send resume with salary requirements. Full time and part time positions available. Will train the right person. Call for appointment. Experience preferred but not necessary. Must have reliable transportation. Competitive salary, health insurance, paid vacation, 401K plan. Growing company seeks motivated individuals. Day and afternoon shifts. Weekends required.  Apply in person Monday through Friday 9am to 5pm. Excellent wages and benefits. Equal Opportunity Employer. Send resume with salary requirements. Full time and part time positions available. Will train the right person. Call for appointment. Experience preferred but not necessary. Must have reliable transportation. Competitive salary, health insurance, paid vacation, 401K plan. Growing company seeks motivated individuals. Day and afternoon shifts. Weekends required.  Apply in person Monday through Friday 9am to 5pm. Excellent wages and benefits. Equal Opportunity Employer. Send resume with salary requirements. Full time and part time positions available. Will train the right person. Call for appointment. Experience preferred but not necessary. Must have reliable transportation. Competitive salary, health insurance, paid vacation, 401K plan. Growing company seeks motivated individuals. Day and afternoon shifts. Weekends required.  Apply in person Monday through Friday 9am to 5pm. Excellent wages and benefits. Equal Opportunity Employer. Send resume with salary requirements. Full time and part time positions available. Will train the right person. Call for appointment. Experience preferred but not necessary. Must have reliable transportation. Competitive salary, health insurance, paid vacation, 401K plan. Growing company seeks motivated individuals. Day and afternoon shifts. Weekends required.  Apply in person Monday through Friday 9am to 5pm. Excellent wages and benefits. Equal Opportunity Employer. Send resume with salary requirements. Full time and part time positions available. Will train the right person. Call for appointment. Experience preferred but not necessary. Must have reliable transportation. Competitive salary, health insurance, paid vacation, 401K plan. Growing company seeks motivated individuals. Day and afternoon shifts. Weekends required.  Apply in person Monday through Friday 9am to 5pm. Excellent wages and benefits. Equal Opportunity Employer. Send resume with salary requirements. Full time and part time positions available. Will train the right person. Call for appointment. Experience preferred but not necessary. Must have reliable transportation. Competitive salary, health insurance, paid vacation, 401K plan. Growing company seeks motivated individuals. Day and afternoon shifts. Weekends required.  Apply in person Monday through Friday 9am to 5pm. Excellent wages and benefits. Equal Opportunity Employer. Send resume with salary requirements. Full time and part time positions available. Will train the right person. Call for appointment. Experience preferred but not necessary. Must have reliable transportation. Competitive salary, health insurance, paid vacation, 401K plan. Growing company seeks motivated individuals. Day and afternoon shifts. Weekends required.  Apply in person Monday through Friday 9am to 5pm. Excellent wages and benefits. Equal Opportunity Employer. Send resume with salary requirements. Full time and part time positions available. Will train the right person. Call for appointment. Experience preferred but not necessary. Must have reliable transportation. Competitive salary, health insurance, paid vacation, 401K plan. Growing company seeks motivated individuals. Day and afternoon shifts. Weekends required.
500 Help Wanted
General
TOOL & DIE/RETROFITTER
Automatic air automotive individual. Call 810-588-8900
TRAVEL AGENT
Full time position available in Livonia. Call 313-522-1110
TRANSPORTATION CLERK
Our company seeks a self motivated, organized Transportation Clerk. Fax resume to 810-351-9558. EOE
TRAVEL AGENT
Needed - Full time, Mon-Fri. Call 810-525-1920
TRAVEL COUNSELOR
Kuehne & Nagel Kirby Travel, Inc. Call 810-355-1111
TRAVEL AGENT
Experienced needed. Call (810) 737-4455
TRAINEES
GALAXSEA CRUISES & TOURS, a leader in cruise vacations. Call (810) 263-2900
TRAVEL
Looking for enthusiastic experienced travel consultants. 30 years leader in the Travel & Tour industry. 2558 Northwestern Hwy, Southfield.
TREE SERVICE
Tree trimmer, experienced or will train. Full time. Call 810-348-0880
TREE TRIMMER
Experienced climber. Top pay. Call 810-745-4445
TREE TRIMMING, SPRAYING & LANDSCAPE PERSONNEL
Applicants should have a minimum of 1 year experience. Call 810-268-9505
TRUCK DRIVER
CDL license required. Over-the-road. Good pay. Call 810-476-9000
TRUCK DRIVER
Local deliveries. Current Class A or B. Call 810-473-8700
TRUCK DRIVER
Experienced. Full time. Call 810-349-4760
TRUCK DRIVER/LANDSCAPER
Full & part time. Call 810-474-4400
TRUCK DRIVERS
Commercial Industrial. Call 810-229-8800
TRUCK DRIVERS
Applicants must have Class A license. Call 313-455-4036
TRUCK DRIVER
Tractor trailer. Driver needed. Call 810-649-1400
UNIX SYSTEM ADMINISTRATOR
Require minimum 3 years experience in UNIX/HP environment. Send resume.
UPHOLSTERER
Furniture and truck experience. Call 810-542-9233
VALET ATTENDANTS
Must look professional. Top pay. Call (810) 540-6688
VETERINARY HOSPITAL
Seeks veterinary assistant, kennel help. Call 810-681-3005
WAREHOUSE
ACO Hardware warehouse seeks full time help. Call 810-476-7000
WAREHOUSE ASSISTANT
Full time. Call 810-442-9000
WAREHOUSE HELP
Immediate opening for reliable, dedicated person. Call 313-525-1015
Apply in person Monday through Friday 9am to 5pm. Excellent wages and benefits. Equal Opportunity Employer. Send resume with salary requirements. Full time and part time positions available. Will train the right person. Call for appointment. Experience preferred but not necessary. Must have reliable transportation. Competitive salary, health insurance, paid vacation, 401K plan. Growing company seeks motivated individuals. Day and afternoon shifts. Weekends required.  Apply in person Monday through Friday 9am to 5pm. Excellent wages and benefits. Equal Opportunity Employer. Send resume with salary requirements. Full time and part time positions available. Will train the right person. Call for appointment. Experience preferred but not necessary. Must have reliable transportation. Competitive salary, health insurance, paid vacation, 401K plan. Growing company seeks motivated individuals. Day and afternoon shifts. Weekends required.  Apply in person Monday through Friday 9am to 5pm. Excellent wages and benefits. Equal Opportunity Employer. Send resume with salary requirements. Full time and part time positions available. Will train the right person. Call for appointment. Experience preferred but not necessary. Must have reliable transportation. Competitive salary, health insurance, paid vacation, 401K plan. Growing company seeks motivated individuals. Day and afternoon shifts. Weekends required.  Apply in person Monday through Friday 9am to 5pm. Excellent wages and benefits. Equal Opportunity Employer. Send resume with salary requirements. Full time and part time positions available. Will train the right person. Call for appointment. Experience preferred but not necessary. Must have reliable transportation. Competitive salary, health insurance, paid vacation, 401K plan. Growing company seeks motivated individuals. Day and afternoon shifts. Weekends required.  Apply in person Monday through Friday 9am to 5pm. Excellent wages and benefits. Equal Opportunity Employer. Send resume with salary requirements. Full time and part time positions available. Will train the right person. Call for appointment. Experience preferred but not necessary. Must have reliable transportation. Competitive salary, health insurance, paid vacation, 401K plan. Growing company seeks motivated individuals. Day and afternoon shifts. Weekends required.  Apply in person Monday through Friday 9am to 5pm. Excellent wages and benefits. Equal Opportunity Employer. Send resume with salary requirements. Full time and part time positions available. Will train the right person. Call for appointment. Experience preferred but not necessary. Must have reliable transportation. Competitive salary, health insurance, paid vacation, 401K plan. Growing company seeks motivated individuals. Day and afternoon shifts. Weekends required.  Apply in person Monday through Friday 9am to 5pm. Excellent wages and benefits. Equal Opportunity Employer. Send resume with salary requirements. Full time and part time positions available. Will train the right person. Call for appointment. Experience preferred but not necessary. Must have reliable transportation. Competitive salary, health insurance, paid vacation, 401K plan. Growing company seeks motivated individuals. Day and afternoon shifts. Weekends required.  Apply in person Monday through Friday 9am to 5pm. Excellent wages and benefits. Equal Opportunity Employer. Send resume with salary requirements. Full time and part time positions available. Will train the right person. Call for appointment. Experience preferred but not necessary. Must have reliable transportation. Competitive salary, health insurance, paid vacation, 401K plan. Growing company seeks motivated individuals. Day and afternoon shifts. Weekends required.  Apply in person Monday through Friday 9am to 5pm. Excellent wages and benefits. Equal Opportunity Employer. Send resume with salary requirements. Full time and part time positions available. Will train the right person. Call for appointment. Experience preferred but not necessary. Must have reliable transportation. Competitive salary, health insurance, paid vacation, 401K plan. Growing company seeks motivated individuals. Day and afternoon shifts. Weekends required.  Apply in person Monday through Friday 9am to 5pm. Excellent wages and benefits. Equal Opportunity Employer. Send resume with salary requirements. Full time and part time positions available. Will train the right person. Call for appointment. Experience preferred but not necessary. Must have reliable transportation. Competitive salary, health insurance, paid vacation, 401K plan. Growing company seeks motivated individuals. Day and afternoon shifts. Weekends required.  Apply in person Monday through Friday 9am to 5pm. Excellent wages and benefits. Equal Opportunity Employer. Send resume with salary requirements. Full time and part time positions available. Will train the right person. Call for appointment. Experience preferred but not necessary. Must have reliable transportation. Competitive salary, health insurance, paid vacation, 401K plan. Growing company seeks motivated individuals. Day and afternoon shifts. Weekends required.  Apply in person Monday through Friday 9am to 5pm. Excellent wages and benefits. Equal Opportunity Employer. Send resume with salary requirements. Full time and part time positions available. Will train the right person. Call for appointment. Experience preferred but not necessary. Must have reliable transportation. Competitive salary, health insurance, paid vacation, 401K plan. Growing company seeks motivated individuals. Day and afternoon shifts. Weekends required.
